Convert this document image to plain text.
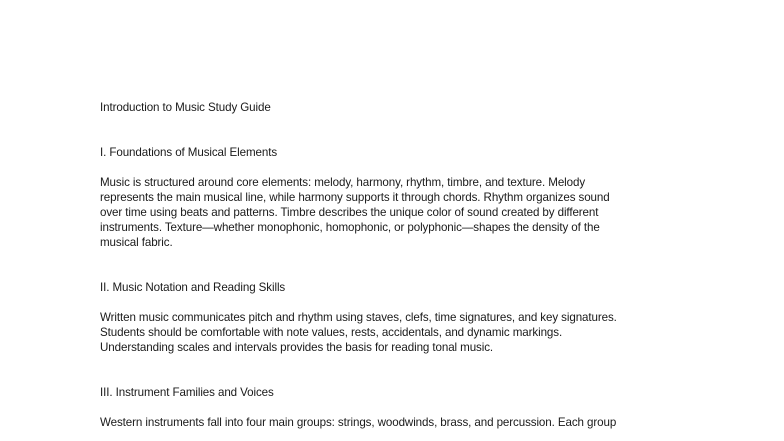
Introduction to Music Study Guide
I. Foundations of Musical Elements

Music is structured around core elements: melody, harmony, rhythm, timbre, and texture. Melody
represents the main musical line, while harmony supports it through chords. Rhythm organizes sound
over time using beats and patterns. Timbre describes the unique color of sound created by different
instruments. Texture—whether monophonic, homophonic, or polyphonic—shapes the density of the
musical fabric.

II. Music Notation and Reading Skills

Written music communicates pitch and rhythm using staves, clefs, time signatures, and key signatures.
Students should be comfortable with note values, rests, accidentals, and dynamic markings.
Understanding scales and intervals provides the basis for reading tonal music.

III. Instrument Families and Voices

Western instruments fall into four main groups: strings, woodwinds, brass, and percussion. Each group
